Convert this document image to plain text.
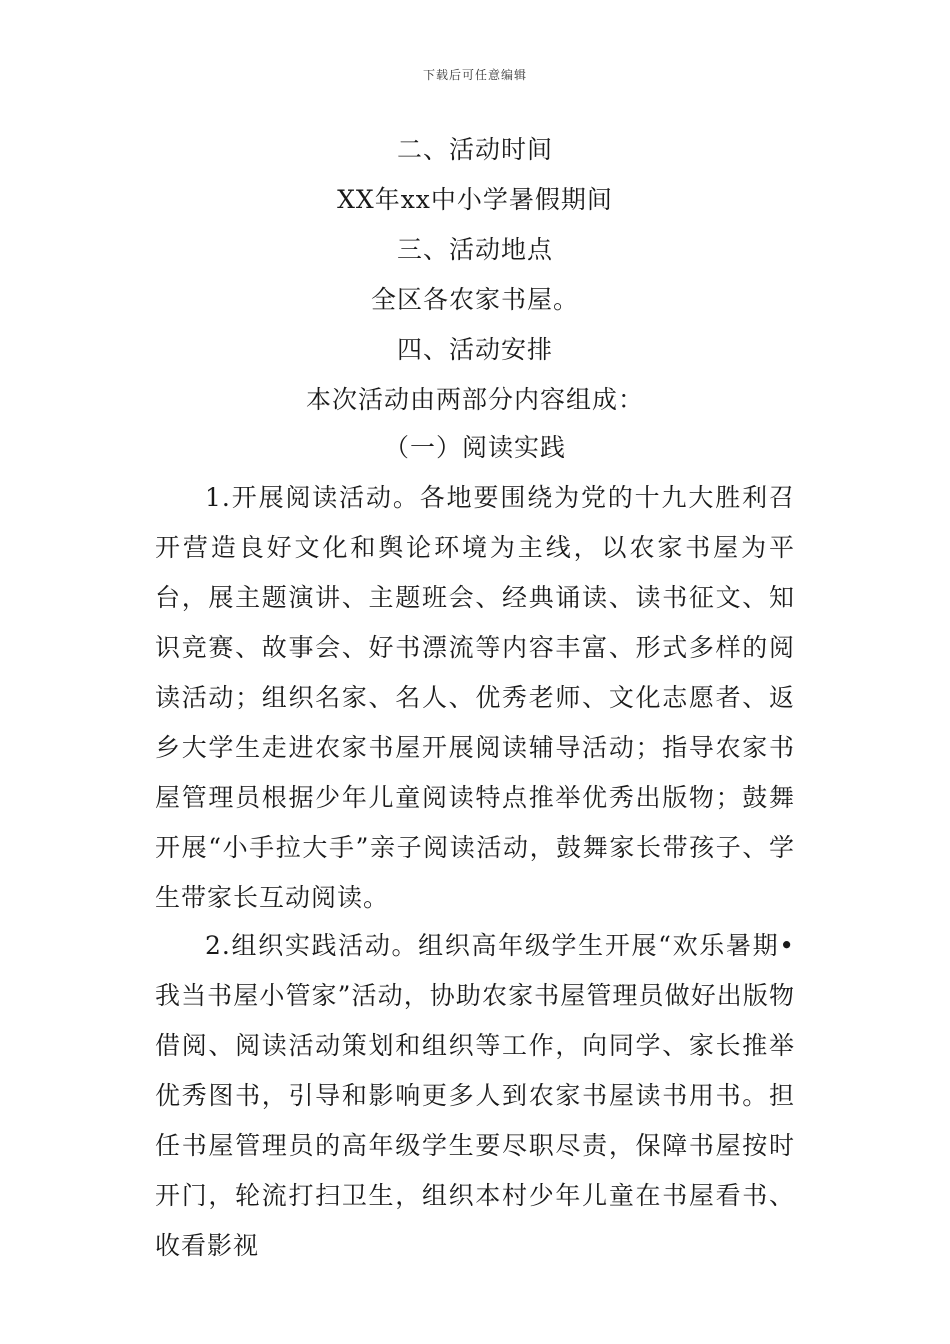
下载后可任意编辑
二、活动时间
XX年xx中小学暑假期间
三、活动地点
全区各农家书屋。
四、活动安排
本次活动由两部分内容组成：
（一）阅读实践
1.开展阅读活动。各地要围绕为党的十九大胜利召开营造良好文化和舆论环境为主线，以农家书屋为平台，展主题演讲、主题班会、经典诵读、读书征文、知识竞赛、故事会、好书漂流等内容丰富、形式多样的阅读活动；组织名家、名人、优秀老师、文化志愿者、返乡大学生走进农家书屋开展阅读辅导活动；指导农家书屋管理员根据少年儿童阅读特点推举优秀出版物；鼓舞开展“小手拉大手”亲子阅读活动，鼓舞家长带孩子、学生带家长互动阅读。
2.组织实践活动。组织高年级学生开展“欢乐暑期•我当书屋小管家”活动，协助农家书屋管理员做好出版物借阅、阅读活动策划和组织等工作，向同学、家长推举优秀图书，引导和影响更多人到农家书屋读书用书。担任书屋管理员的高年级学生要尽职尽责，保障书屋按时开门，轮流打扫卫生，组织本村少年儿童在书屋看书、收看影视
